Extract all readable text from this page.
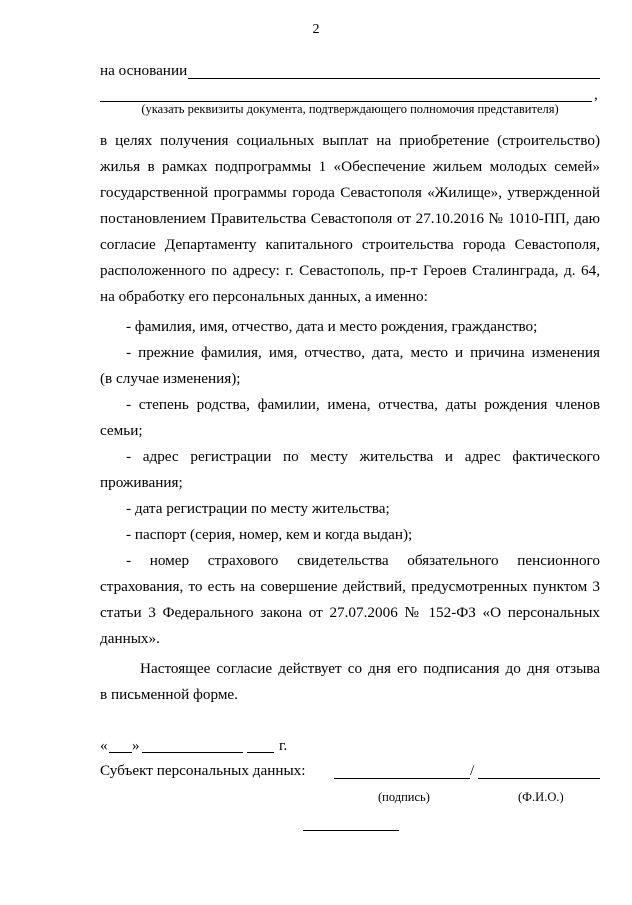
2
на основании
,
(указать реквизиты документа, подтверждающего полномочия представителя)
в целях получения социальных выплат на приобретение (строительство)
жилья в рамках подпрограммы 1 «Обеспечение жильем молодых семей»
государственной программы города Севастополя «Жилище», утвержденной
постановлением Правительства Севастополя от 27.10.2016 № 1010-ПП, даю
согласие Департаменту капитального строительства города Севастополя,
расположенного по адресу: г. Севастополь, пр-т Героев Сталинграда, д. 64,
на обработку его персональных данных, а именно:
- фамилия, имя, отчество, дата и место рождения, гражданство;
- прежние фамилия, имя, отчество, дата, место и причина изменения
(в случае изменения);
- степень родства, фамилии, имена, отчества, даты рождения членов
семьи;
- адрес регистрации по месту жительства и адрес фактического
проживания;
- дата регистрации по месту жительства;
- паспорт (серия, номер, кем и когда выдан);
- номер страхового свидетельства обязательного пенсионного
страхования, то есть на совершение действий, предусмотренных пунктом 3
статьи 3 Федерального закона от 27.07.2006 № 152-ФЗ «О персональных
данных».
Настоящее согласие действует со дня его подписания до дня отзыва
в письменной форме.
« »	г.
Субъект персональных данных:	/
(подпись)	(Ф.И.О.)
